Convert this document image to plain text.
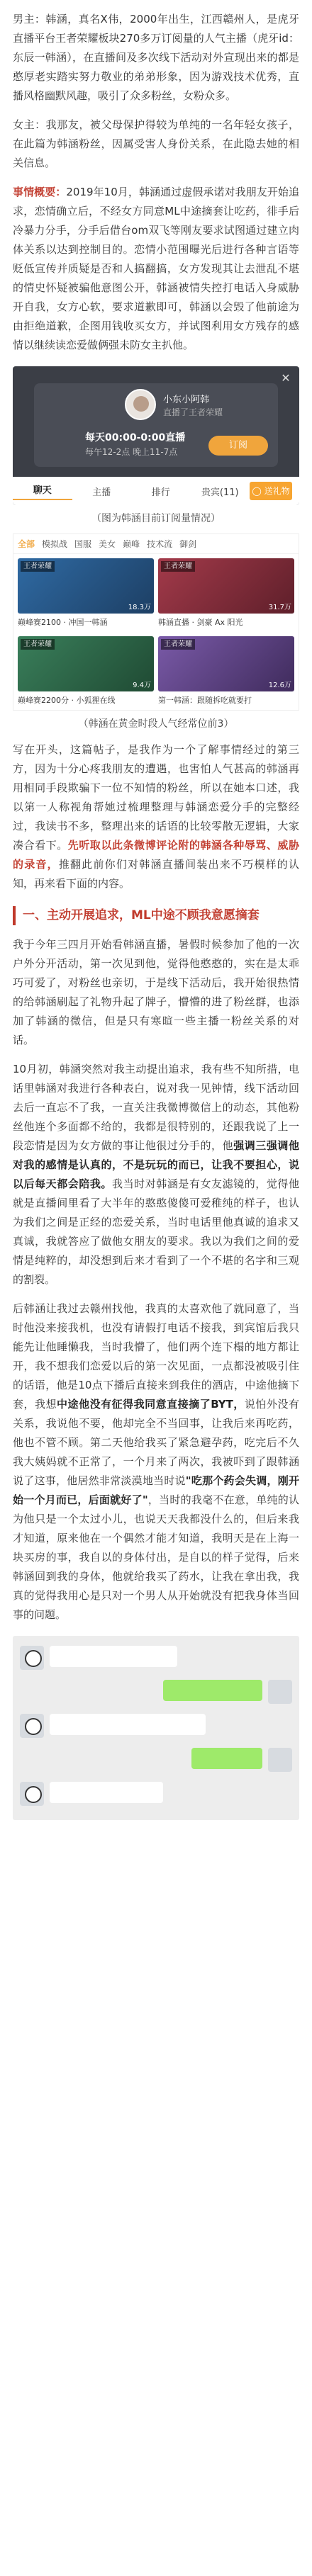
男主：韩涵，真名X伟，2000年出生，江西赣州人，是虎牙直播平台王者荣耀板块270多万订阅量的人气主播（虎牙id：东辰一韩涵），在直播间及多次线下活动对外宣现出来的都是憨厚老实踏实努力敬业的弟弟形象，因为游戏技术优秀，直播风格幽默风趣，吸引了众多粉丝，女粉众多。

女主：我那友，被父母保护得较为单纯的一名年轻女孩子，在此篇为韩涵粉丝，因属受害人身份关系，在此隐去她的相关信息。

事情概要：2019年10月，韩涵通过虚假承诺对我朋友开始追求，恋情确立后，不经女方同意ML中途摘套让吃药，徘手后冷暴力分手，分手后借台om双飞等刚友要求试图通过建立肉体关系以达到控制目的。恋情小范围曝光后进行各种言语等贬低宣传并质疑是否和人搞翻搞，女方发现其让去泄乱不堪的情史怀疑被骗他意图公开，韩涵被情失控打电话入身威胁开自我，女方心软，要求道歉即可，韩涵以会毁了他前途为由拒绝道歉，企图用钱收买女方，并试图利用女方残存的感情以继续读恋爱做俩强未防女主扒他。

✕
小东小阿韩
直播了王者荣耀
每天00:00-0:00直播
每午12-2点 晚上11-7点
订阅
聊天	主播	排行	贵宾(11)	◯ 送礼物

（图为韩涵目前订阅量情况）

全部 模拟战 国服 美女 巅峰 技术流 御剑
王者荣耀
18.3万
巅峰赛2100 · 冲国一韩涵
王者荣耀
31.7万
韩涵直播 · 剑豪 Ax 阳光
王者荣耀
9.4万
巅峰赛2200分 · 小狐狸在线
王者荣耀
12.6万
第一韩涵：跟随拆吃就要打

（韩涵在黄金时段人气经常位前3）

写在开头，这篇帖子，是我作为一个了解事情经过的第三方，因为十分心疼我朋友的遭遇，也害怕人气甚高的韩涵再用相同手段欺骗下一位不知情的粉丝，所以在她本口述，我以第一人称视角帮她过梳理整理与韩涵恋爱分手的完整经过，我读书不多，整理出来的话语的比较零散无逻辑，大家凑合看下。先听取以此条微博评论附的韩涵各种辱骂、威胁的录音，推翻此前你们对韩涵直播间装出来不巧模样的认知，再来看下面的内容。

一、主动开展追求，ML中途不顾我意愿摘套

我于今年三四月开始看韩涵直播，暑假时候参加了他的一次户外分开活动，第一次见到他，觉得他憨憨的，实在是太乖巧可爱了，对粉丝也亲切，于是线下活动后，我开始很热情的给韩涵刷起了礼物升起了牌子，懵懵的进了粉丝群，也添加了韩涵的微信，但是只有寒暄一些主播一粉丝关系的对话。

10月初，韩涵突然对我主动提出追求，我有些不知所措，电话里韩涵对我进行各种表白，说对我一见钟情，线下活动回去后一直忘不了我，一直关注我微博微信上的动态，其他粉丝他连个多面都不给的，我都是很特别的，还跟我说了上一段恋情是因为女方做的事让他很过分手的，他强调三强调他对我的感情是认真的，不是玩玩的而已，让我不要担心，说以后每天都会陪我。我当时对韩涵是有女友滤镜的，觉得他就是直播间里看了大半年的憨憨傻傻可爱稚纯的样子，也认为我们之间是正经的恋爱关系，当时电话里他真诚的追求又真诚，我就答应了做他女朋友的要求。我以为我们之间的爱情是纯粹的，却没想到后来才看到了一个不堪的名字和三观的割裂。

后韩涵让我过去赣州找他，我真的太喜欢他了就同意了，当时他没来接我机，也没有请假打电话不接我，到宾馆后我只能先让他睡懒我，当时我懵了，他们两个连下榻的地方都让开，我不想我们恋爱以后的第一次见面，一点都没被吸引住的话语，他是10点下播后直接来到我住的酒店，中途他摘下套，我想中途他没有征得我同意直接摘了BYT，说怕外没有关系，我说他不要，他却完全不当回事，让我后来再吃药，他也不管不顾。第二天他给我买了紧急避孕药，吃完后不久我大姨妈就不正常了，一个月来了两次，我被吓到了跟韩涵说了这事，他居然非常淡漠地当时说"吃那个药会失调，刚开始一个月而已，后面就好了"，当时的我毫不在意，单纯的认为他只是一个太过小儿，也说天天我都没什么的，但后来我才知道，原来他在一个偶然才能才知道，我明天是在上海一块买房的事，我自以的身体付出，是自以的样子觉得，后来韩涵回到我的身体，他就给我买了药水，让我在拿出我，我真的觉得我用心是只对一个男人从开始就没有把我身体当回事的问题。
